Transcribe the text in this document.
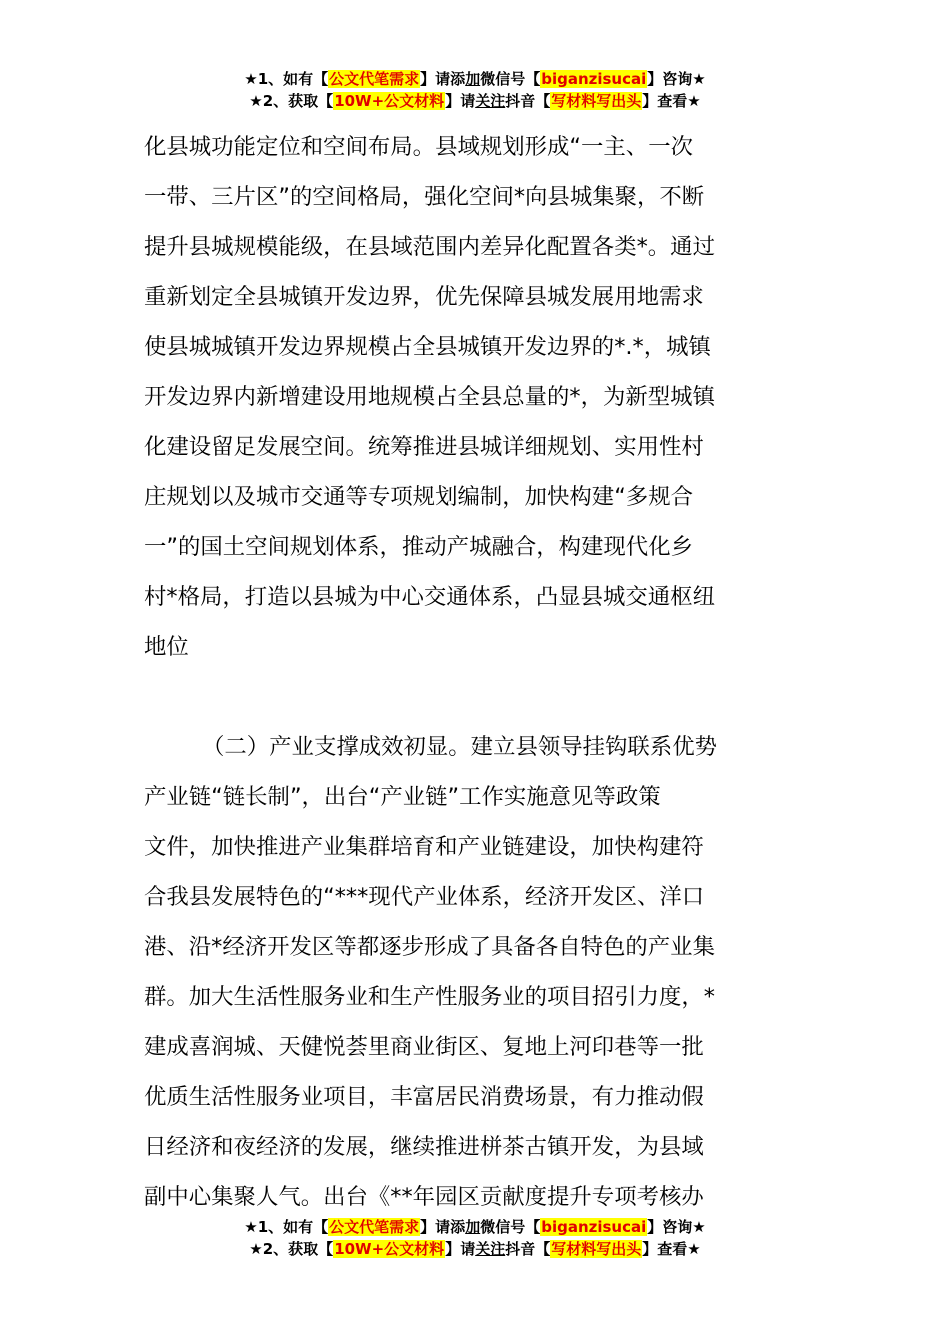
★1、如有【公文代笔需求】请添加微信号【biganzisucai】咨询★
★2、获取【10W+公文材料】请关注抖音【写材料写出头】查看★
化县城功能定位和空间布局。县域规划形成“一主、一次
一带、三片区”的空间格局，强化空间*向县城集聚，不断
提升县城规模能级，在县域范围内差异化配置各类*。通过
重新划定全县城镇开发边界，优先保障县城发展用地需求
使县城城镇开发边界规模占全县城镇开发边界的*.*，城镇
开发边界内新增建设用地规模占全县总量的*，为新型城镇
化建设留足发展空间。统筹推进县城详细规划、实用性村
庄规划以及城市交通等专项规划编制，加快构建“多规合
一”的国土空间规划体系，推动产城融合，构建现代化乡
村*格局，打造以县城为中心交通体系，凸显县城交通枢纽
地位
（二）产业支撑成效初显。建立县领导挂钩联系优势
产业链“链长制”，出台“产业链”工作实施意见等政策
文件，加快推进产业集群培育和产业链建设，加快构建符
合我县发展特色的“***现代产业体系，经济开发区、洋口
港、沿*经济开发区等都逐步形成了具备各自特色的产业集
群。加大生活性服务业和生产性服务业的项目招引力度，*
建成喜润城、天健悦荟里商业街区、复地上河印巷等一批
优质生活性服务业项目，丰富居民消费场景，有力推动假
日经济和夜经济的发展，继续推进栟茶古镇开发，为县域
副中心集聚人气。出台《**年园区贡献度提升专项考核办
★1、如有【公文代笔需求】请添加微信号【biganzisucai】咨询★
★2、获取【10W+公文材料】请关注抖音【写材料写出头】查看★
